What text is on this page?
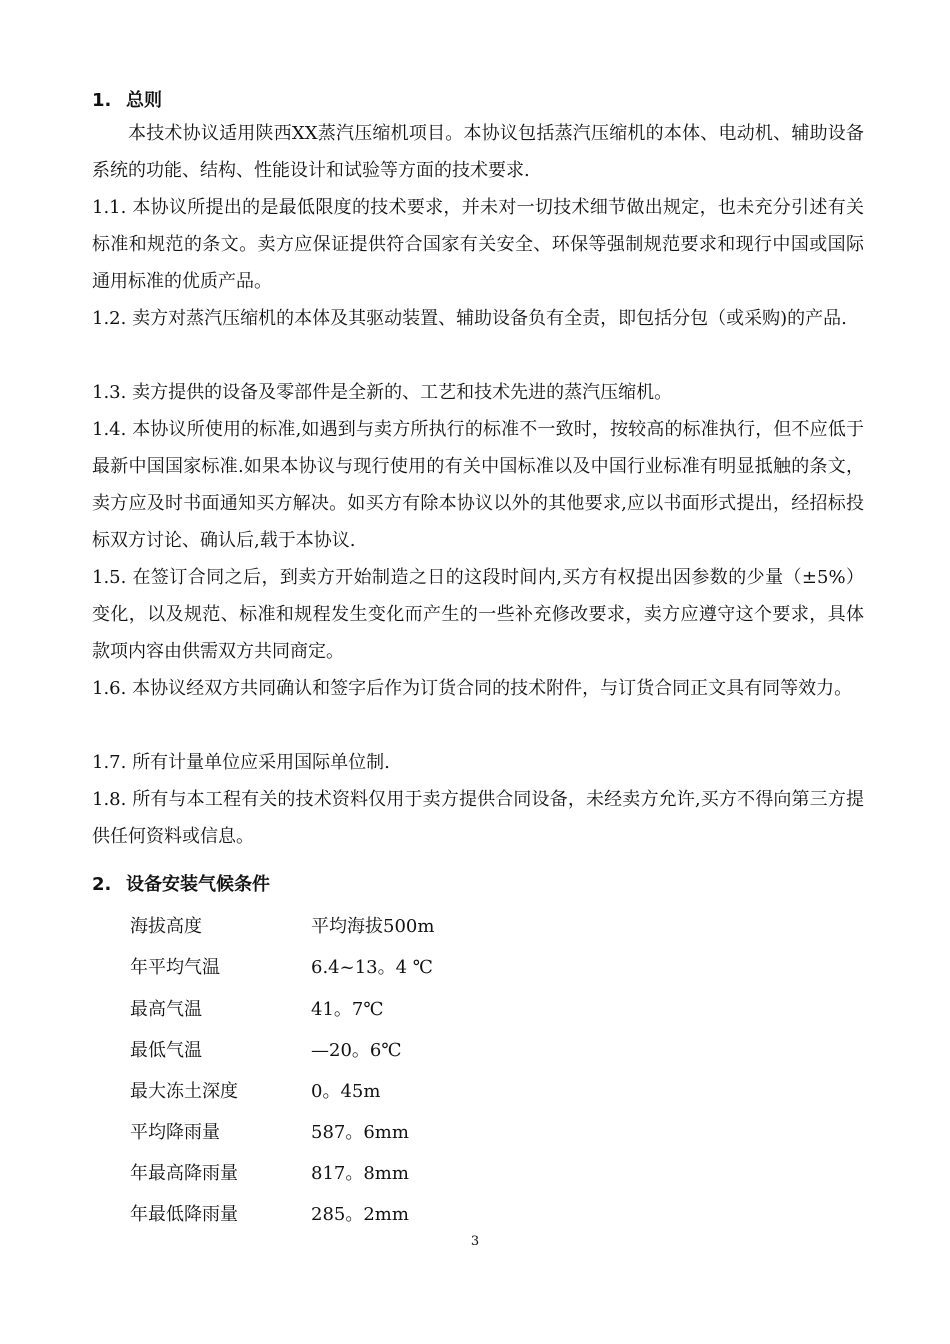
1. 总则
本技术协议适用陕西XX蒸汽压缩机项目。本协议包括蒸汽压缩机的本体、电动机、辅助设备系统的功能、结构、性能设计和试验等方面的技术要求.
1.1. 本协议所提出的是最低限度的技术要求，并未对一切技术细节做出规定，也未充分引述有关标准和规范的条文。卖方应保证提供符合国家有关安全、环保等强制规范要求和现行中国或国际通用标准的优质产品。
1.2. 卖方对蒸汽压缩机的本体及其驱动装置、辅助设备负有全责，即包括分包（或采购)的产品.
1.3. 卖方提供的设备及零部件是全新的、工艺和技术先进的蒸汽压缩机。
1.4. 本协议所使用的标准,如遇到与卖方所执行的标准不一致时，按较高的标准执行，但不应低于最新中国国家标准.如果本协议与现行使用的有关中国标准以及中国行业标准有明显抵触的条文，卖方应及时书面通知买方解决。如买方有除本协议以外的其他要求,应以书面形式提出，经招标投标双方讨论、确认后,载于本协议.
1.5. 在签订合同之后，到卖方开始制造之日的这段时间内,买方有权提出因参数的少量（±5%）变化，以及规范、标准和规程发生变化而产生的一些补充修改要求，卖方应遵守这个要求，具体款项内容由供需双方共同商定。
1.6. 本协议经双方共同确认和签字后作为订货合同的技术附件，与订货合同正文具有同等效力。
1.7. 所有计量单位应采用国际单位制.
1.8. 所有与本工程有关的技术资料仅用于卖方提供合同设备，未经卖方允许,买方不得向第三方提供任何资料或信息。
2. 设备安装气候条件
海拔高度	平均海拔500m
年平均气温	6.4~13。4 ℃
最高气温	41。7℃
最低气温	—20。6℃
最大冻土深度	0。45m
平均降雨量	587。6mm
年最高降雨量	817。8mm
年最低降雨量	285。2mm
3
